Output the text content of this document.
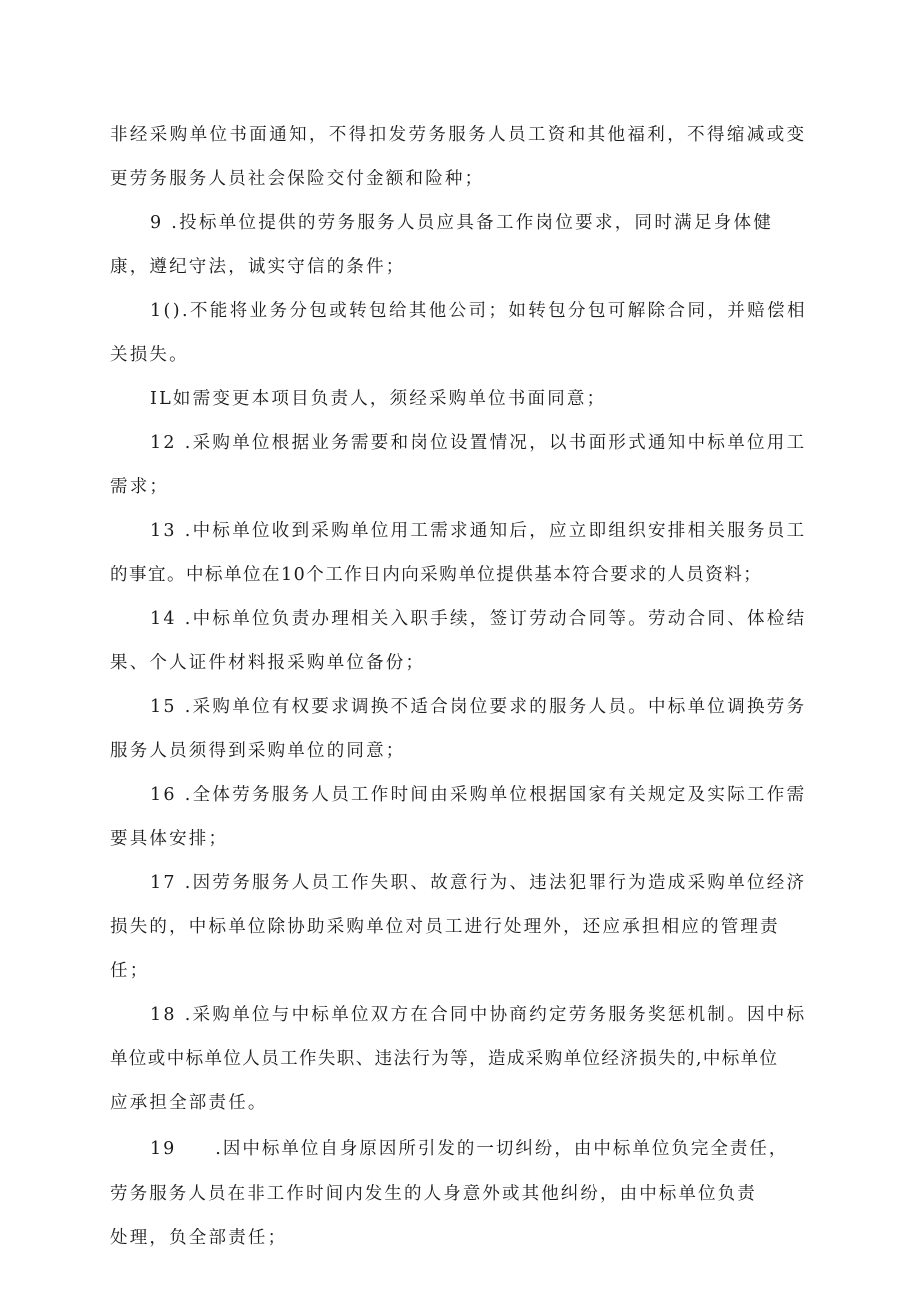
非经采购单位书面通知，不得扣发劳务服务人员工资和其他福利，不得缩减或变
更劳务服务人员社会保险交付金额和险种；
9 .投标单位提供的劳务服务人员应具备工作岗位要求，同时满足身体健
康，遵纪守法，诚实守信的条件；
1().不能将业务分包或转包给其他公司；如转包分包可解除合同，并赔偿相
关损失。
IL如需变更本项目负责人，须经采购单位书面同意；
12 .采购单位根据业务需要和岗位设置情况，以书面形式通知中标单位用工
需求；
13 .中标单位收到采购单位用工需求通知后，应立即组织安排相关服务员工
的事宜。中标单位在10个工作日内向采购单位提供基本符合要求的人员资料；
14 .中标单位负责办理相关入职手续，签订劳动合同等。劳动合同、体检结
果、个人证件材料报采购单位备份；
15 .采购单位有权要求调换不适合岗位要求的服务人员。中标单位调换劳务
服务人员须得到采购单位的同意；
16 .全体劳务服务人员工作时间由采购单位根据国家有关规定及实际工作需
要具体安排；
17 .因劳务服务人员工作失职、故意行为、违法犯罪行为造成采购单位经济
损失的，中标单位除协助采购单位对员工进行处理外，还应承担相应的管理责
任；
18 .采购单位与中标单位双方在合同中协商约定劳务服务奖惩机制。因中标
单位或中标单位人员工作失职、违法行为等，造成采购单位经济损失的,中标单位
应承担全部责任。
19　　.因中标单位自身原因所引发的一切纠纷，由中标单位负完全责任，
劳务服务人员在非工作时间内发生的人身意外或其他纠纷，由中标单位负责
处理，负全部责任；
